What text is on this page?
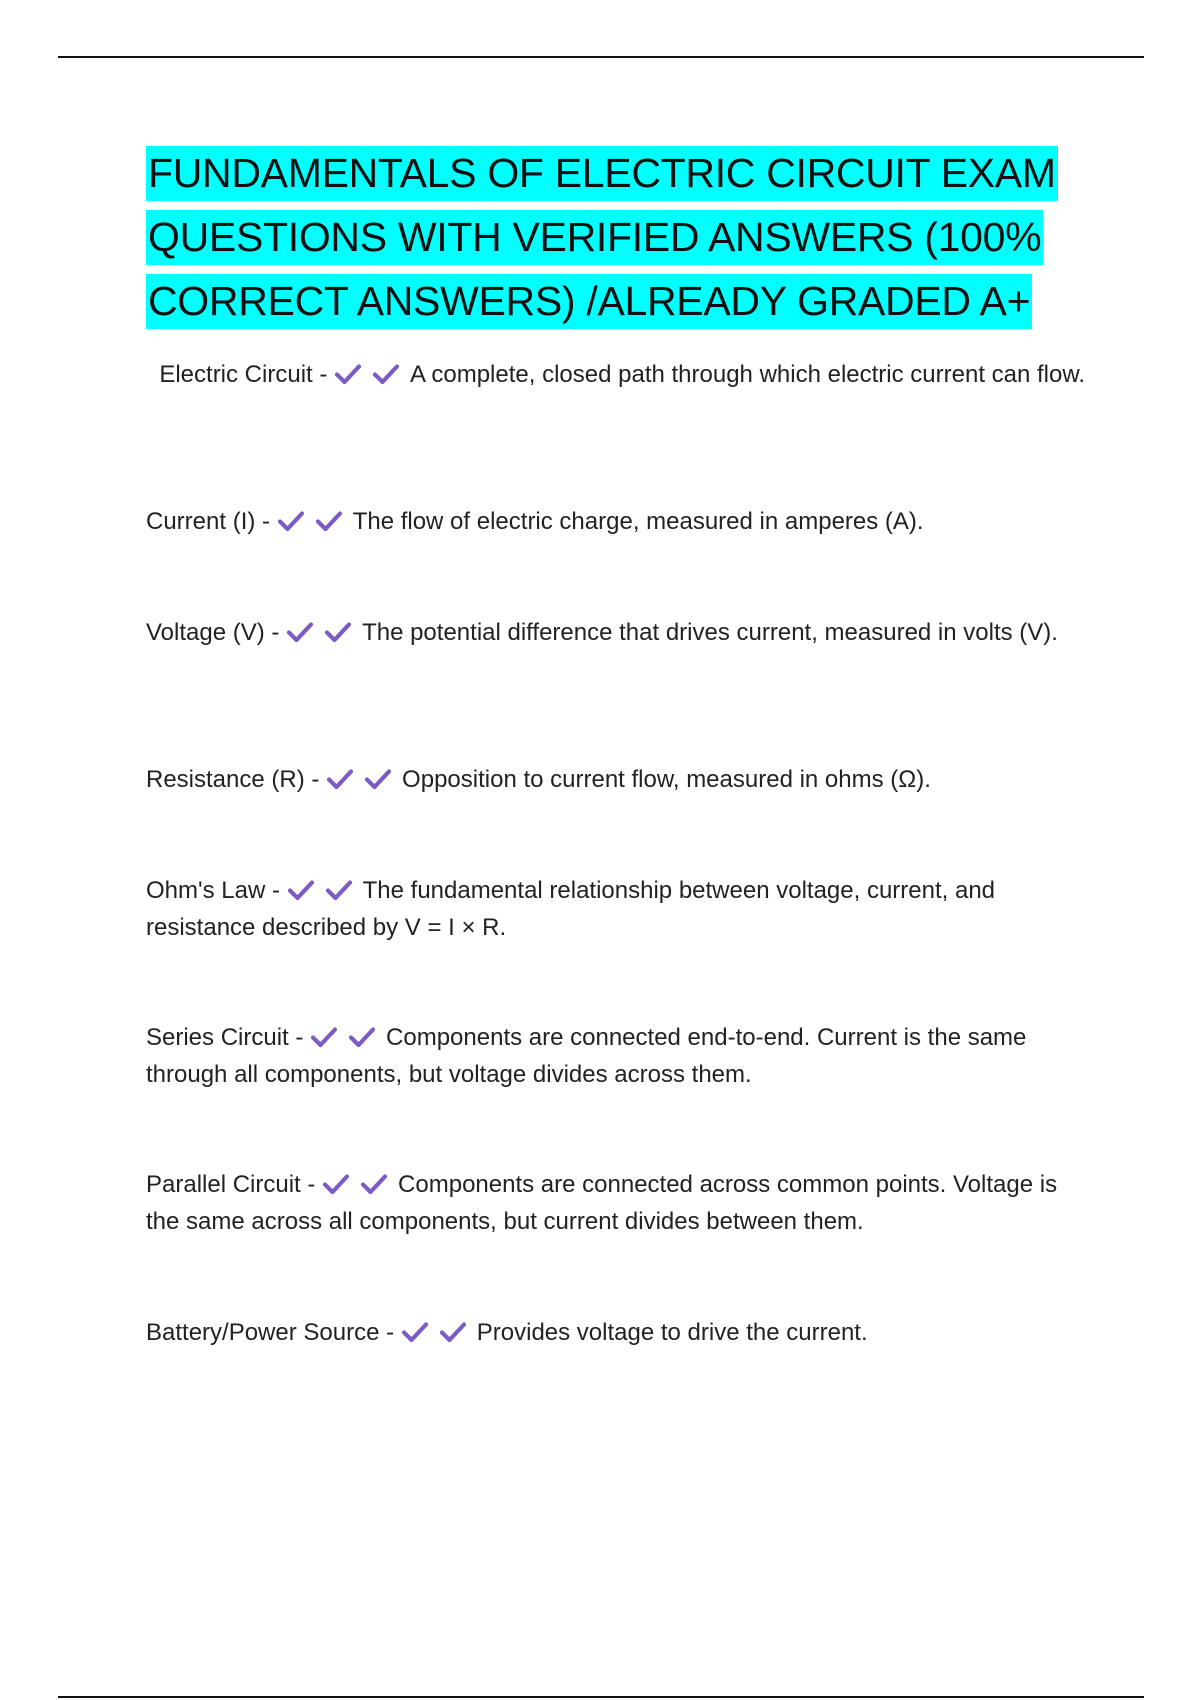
FUNDAMENTALS OF ELECTRIC CIRCUIT EXAM
QUESTIONS WITH VERIFIED ANSWERS (100%
CORRECT ANSWERS) /ALREADY GRADED A+
Electric Circuit -	A complete, closed path through which electric current can flow.
Current (I) -	The flow of electric charge, measured in amperes (A).
Voltage (V) -	The potential difference that drives current, measured in volts (V).
Resistance (R) -	Opposition to current flow, measured in ohms (Ω).
Ohm's Law -	The fundamental relationship between voltage, current, and resistance described by V = I × R.
Series Circuit -	Components are connected end-to-end. Current is the same through all components, but voltage divides across them.
Parallel Circuit -	Components are connected across common points. Voltage is the same across all components, but current divides between them.
Battery/Power Source -	Provides voltage to drive the current.
